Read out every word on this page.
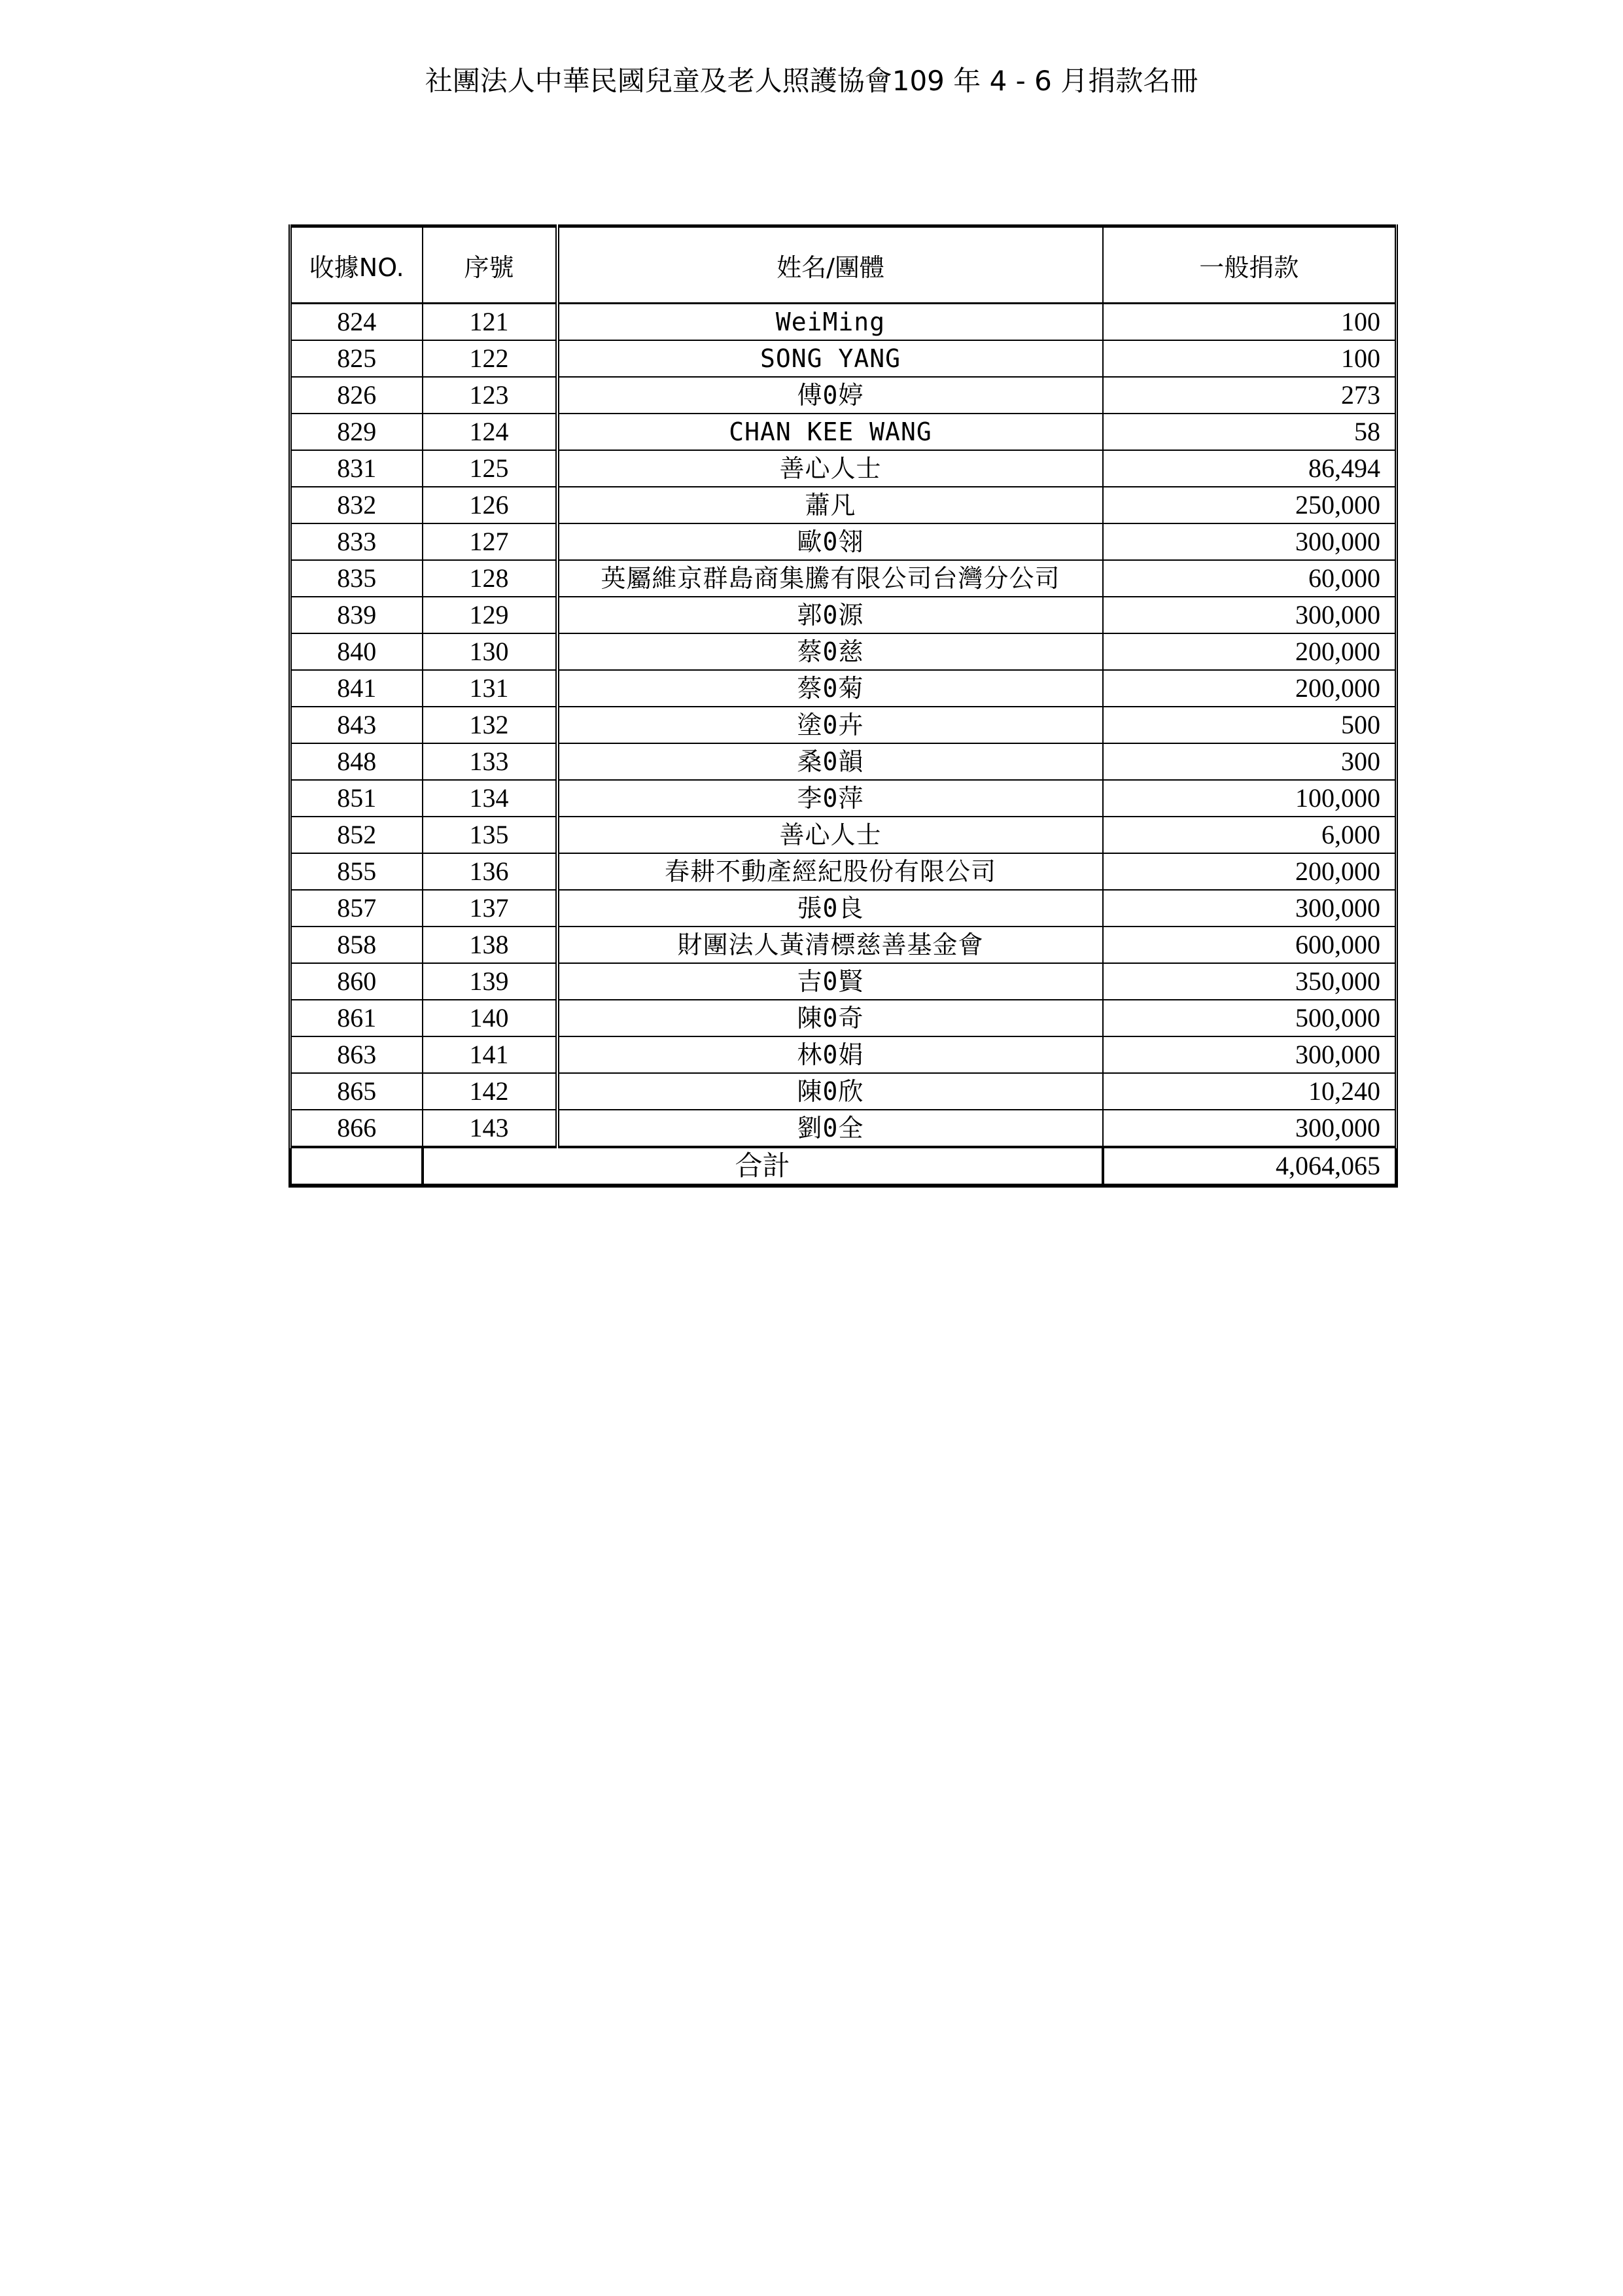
社團法人中華民國兒童及老人照護協會109 年 4 - 6 月捐款名冊
收據NO.	序號	姓名/團體	一般捐款
824	121	WeiMing	100
825	122	SONG YANG	100
826	123	傅0婷	273
829	124	CHAN KEE WANG	58
831	125	善心人士	86,494
832	126	蕭凡	250,000
833	127	歐0翎	300,000
835	128	英屬維京群島商集騰有限公司台灣分公司	60,000
839	129	郭0源	300,000
840	130	蔡0慈	200,000
841	131	蔡0菊	200,000
843	132	塗0卉	500
848	133	桑0韻	300
851	134	李0萍	100,000
852	135	善心人士	6,000
855	136	春耕不動產經紀股份有限公司	200,000
857	137	張0良	300,000
858	138	財團法人黃清標慈善基金會	600,000
860	139	吉0賢	350,000
861	140	陳0奇	500,000
863	141	林0娟	300,000
865	142	陳0欣	10,240
866	143	劉0全	300,000
	合計		4,064,065
